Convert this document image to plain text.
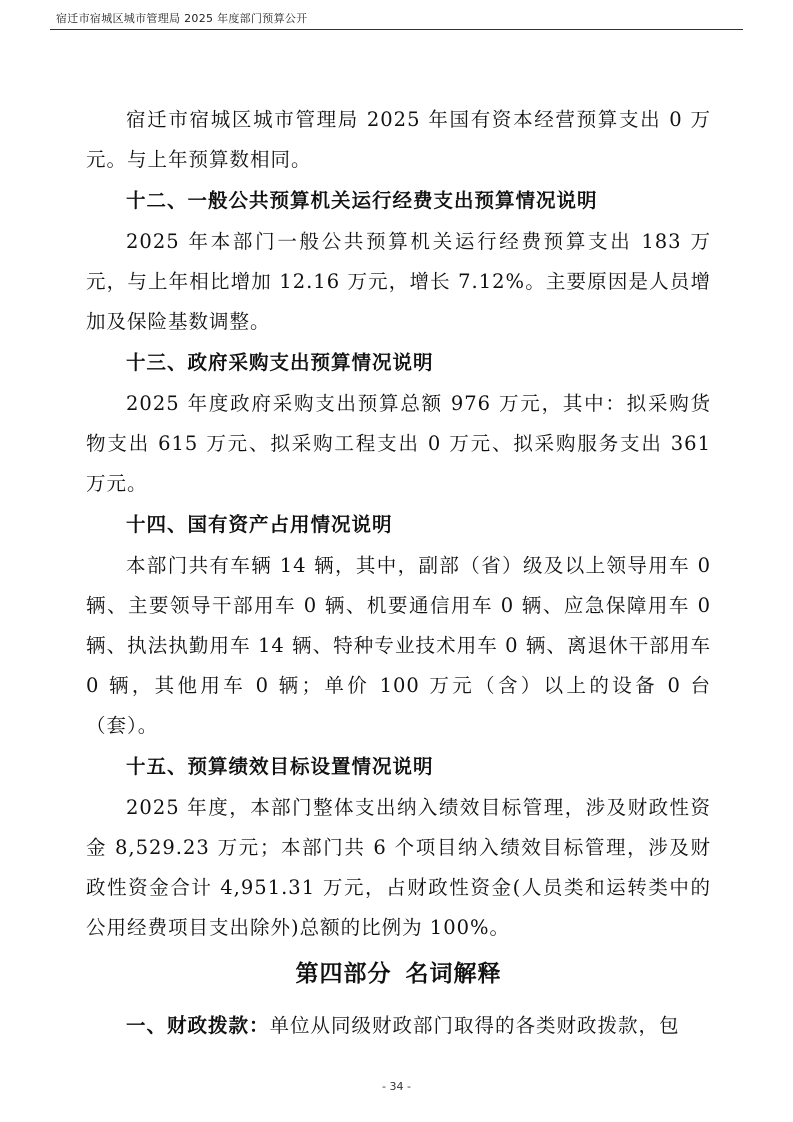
宿迁市宿城区城市管理局 2025 年度部门预算公开

宿迁市宿城区城市管理局 2025 年国有资本经营预算支出 0 万元。与上年预算数相同。

十二、一般公共预算机关运行经费支出预算情况说明

2025 年本部门一般公共预算机关运行经费预算支出 183 万元，与上年相比增加 12.16 万元，增长 7.12%。主要原因是人员增加及保险基数调整。

十三、政府采购支出预算情况说明

2025 年度政府采购支出预算总额 976 万元，其中：拟采购货物支出 615 万元、拟采购工程支出 0 万元、拟采购服务支出 361 万元。

十四、国有资产占用情况说明

本部门共有车辆 14 辆，其中，副部（省）级及以上领导用车 0 辆、主要领导干部用车 0 辆、机要通信用车 0 辆、应急保障用车 0 辆、执法执勤用车 14 辆、特种专业技术用车 0 辆、离退休干部用车 0 辆，其他用车 0 辆；单价 100 万元（含）以上的设备 0 台（套）。

十五、预算绩效目标设置情况说明

2025 年度，本部门整体支出纳入绩效目标管理，涉及财政性资金 8,529.23 万元；本部门共 6 个项目纳入绩效目标管理，涉及财政性资金合计 4,951.31 万元，占财政性资金(人员类和运转类中的公用经费项目支出除外)总额的比例为 100%。

第四部分 名词解释

一、财政拨款：单位从同级财政部门取得的各类财政拨款，包

- 34 -
